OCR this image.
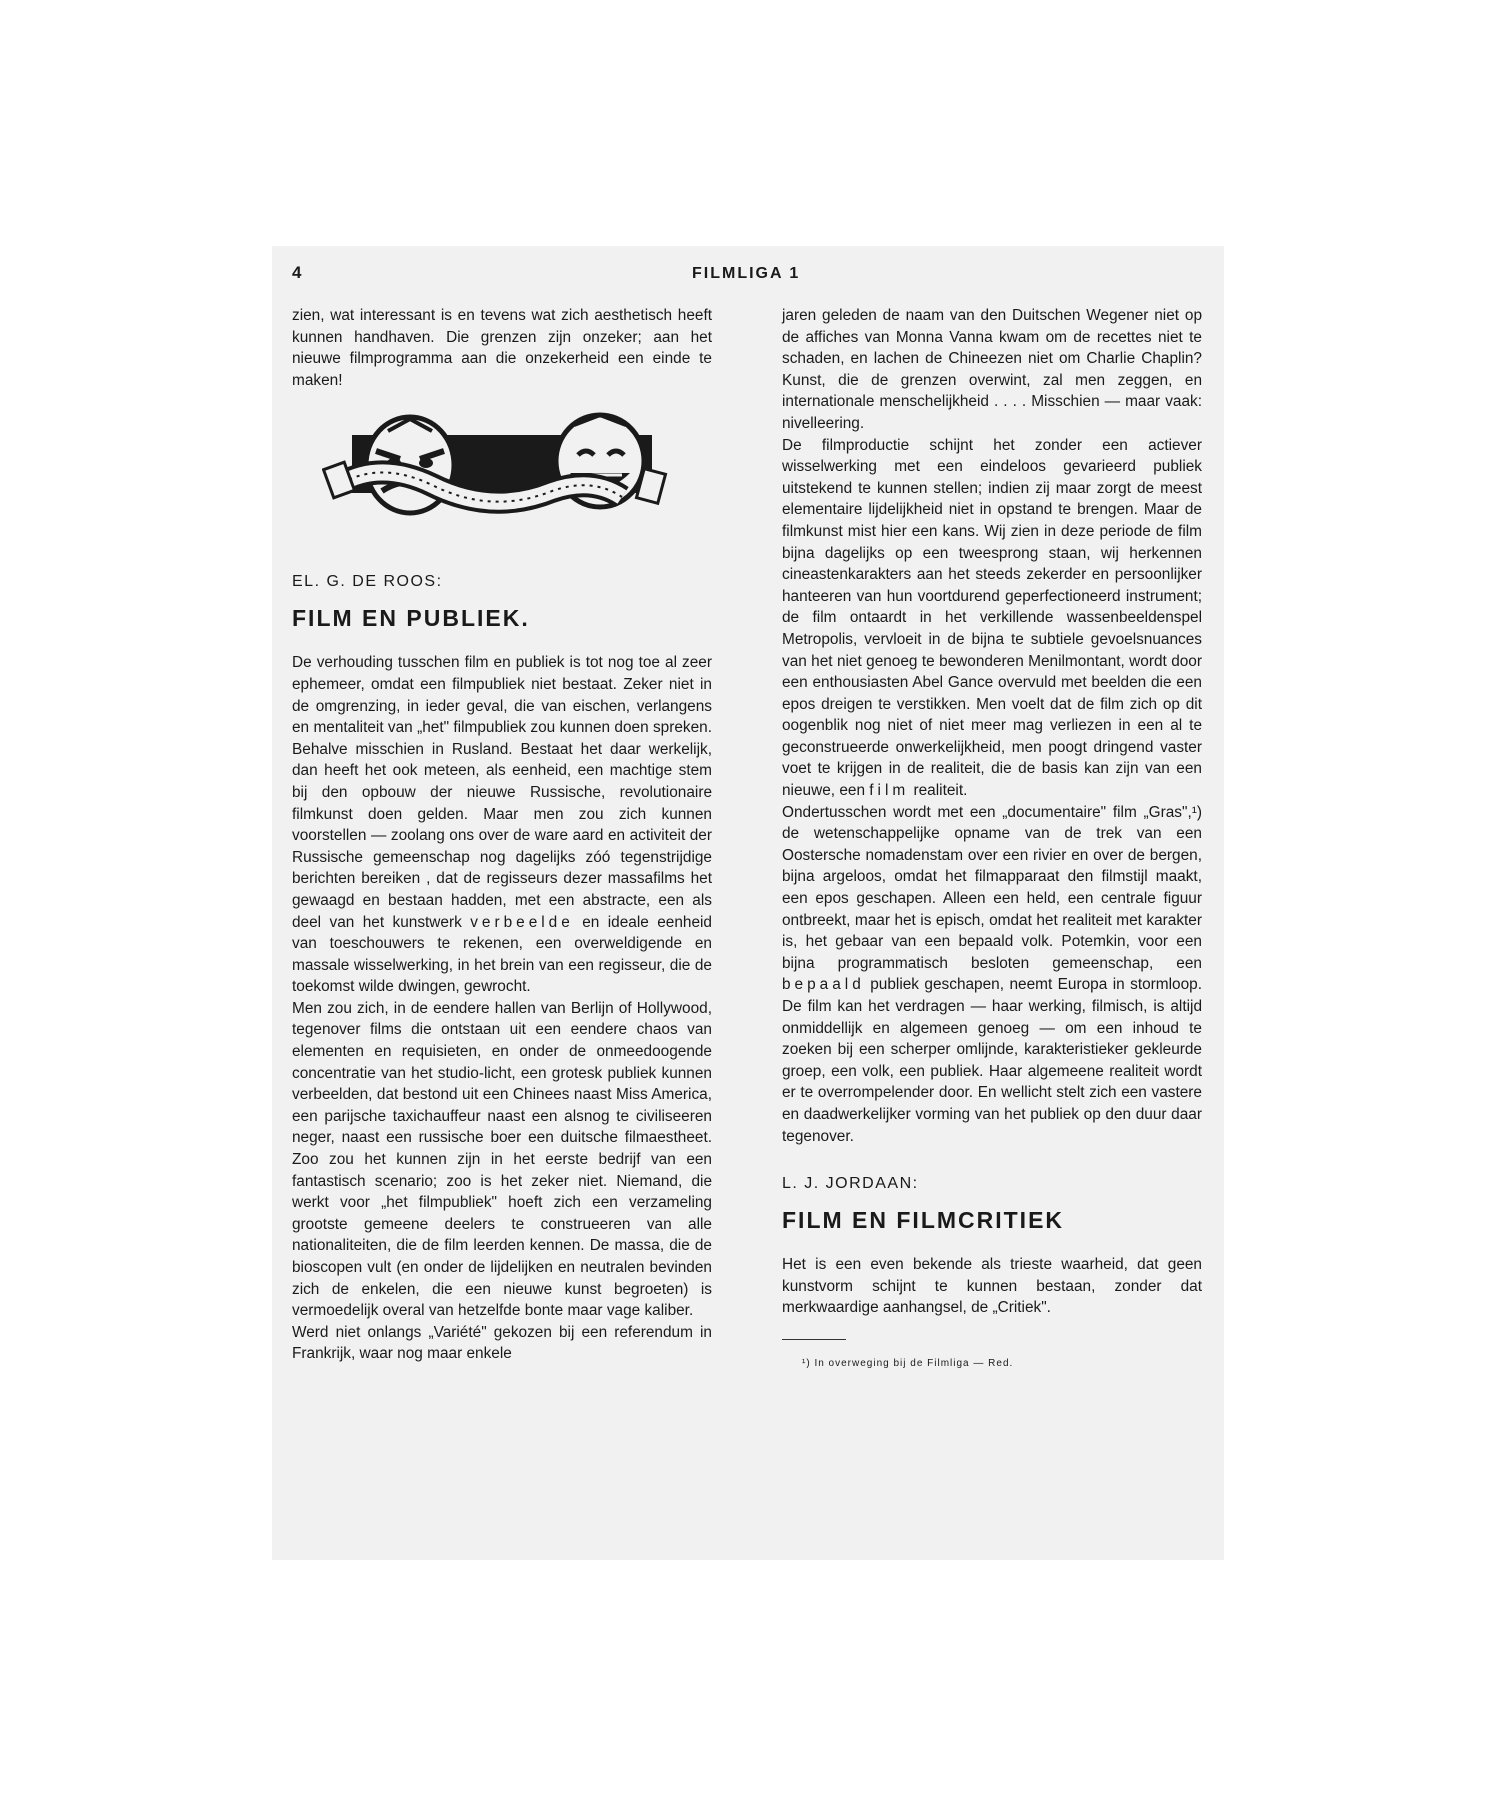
4	FILMLIGA 1

zien, wat interessant is en tevens wat zich aesthetisch heeft kunnen handhaven. Die grenzen zijn onzeker; aan het nieuwe filmprogramma aan die onzekerheid een einde te maken!

EL. G. DE ROOS:

FILM EN PUBLIEK.

De verhouding tusschen film en publiek is tot nog toe al zeer ephemeer, omdat een filmpubliek niet bestaat. Zeker niet in de omgrenzing, in ieder geval, die van eischen, verlangens en mentaliteit van „het" filmpubliek zou kunnen doen spreken. Behalve misschien in Rusland. Bestaat het daar werkelijk, dan heeft het ook meteen, als eenheid, een machtige stem bij den opbouw der nieuwe Russische, revolutionaire filmkunst doen gelden. Maar men zou zich kunnen voorstellen — zoolang ons over de ware aard en activiteit der Russische gemeenschap nog dagelijks zóó tegenstrijdige berichten bereiken , dat de regisseurs dezer massafilms het gewaagd en bestaan hadden, met een abstracte, een als deel van het kunstwerk verbeelde en ideale eenheid van toeschouwers te rekenen, een overweldigende en massale wisselwerking, in het brein van een regisseur, die de toekomst wilde dwingen, gewrocht.

Men zou zich, in de eendere hallen van Berlijn of Hollywood, tegenover films die ontstaan uit een eendere chaos van elementen en requisieten, en onder de onmeedoogende concentratie van het studio-licht, een grotesk publiek kunnen verbeelden, dat bestond uit een Chinees naast Miss America, een parijsche taxichauffeur naast een alsnog te civiliseeren neger, naast een russische boer een duitsche filmaestheet. Zoo zou het kunnen zijn in het eerste bedrijf van een fantastisch scenario; zoo is het zeker niet. Niemand, die werkt voor „het filmpubliek" hoeft zich een verzameling grootste gemeene deelers te construeeren van alle nationaliteiten, die de film leerden kennen. De massa, die de bioscopen vult (en onder de lijdelijken en neutralen bevinden zich de enkelen, die een nieuwe kunst begroeten) is vermoedelijk overal van hetzelfde bonte maar vage kaliber.

Werd niet onlangs „Variété" gekozen bij een referendum in Frankrijk, waar nog maar enkele

jaren geleden de naam van den Duitschen Wegener niet op de affiches van Monna Vanna kwam om de recettes niet te schaden, en lachen de Chineezen niet om Charlie Chaplin? Kunst, die de grenzen overwint, zal men zeggen, en internationale menschelijkheid . . . . Misschien — maar vaak: nivelleering.

De filmproductie schijnt het zonder een actiever wisselwerking met een eindeloos gevarieerd publiek uitstekend te kunnen stellen; indien zij maar zorgt de meest elementaire lijdelijkheid niet in opstand te brengen. Maar de filmkunst mist hier een kans. Wij zien in deze periode de film bijna dagelijks op een tweesprong staan, wij herkennen cineastenkarakters aan het steeds zekerder en persoonlijker hanteeren van hun voortdurend geperfectioneerd instrument; de film ontaardt in het verkillende wassenbeeldenspel Metropolis, vervloeit in de bijna te subtiele gevoelsnuances van het niet genoeg te bewonderen Menilmontant, wordt door een enthousiasten Abel Gance overvuld met beelden die een epos dreigen te verstikken. Men voelt dat de film zich op dit oogenblik nog niet of niet meer mag verliezen in een al te geconstrueerde onwerkelijkheid, men poogt dringend vaster voet te krijgen in de realiteit, die de basis kan zijn van een nieuwe, een film realiteit.

Ondertusschen wordt met een „documentaire" film „Gras",¹) de wetenschappelijke opname van de trek van een Oostersche nomadenstam over een rivier en over de bergen, bijna argeloos, omdat het filmapparaat den filmstijl maakt, een epos geschapen. Alleen een held, een centrale figuur ontbreekt, maar het is episch, omdat het realiteit met karakter is, het gebaar van een bepaald volk. Potemkin, voor een bijna programmatisch besloten gemeenschap, een bepaald publiek geschapen, neemt Europa in stormloop. De film kan het verdragen — haar werking, filmisch, is altijd onmiddellijk en algemeen genoeg — om een inhoud te zoeken bij een scherper omlijnde, karakteristieker gekleurde groep, een volk, een publiek. Haar algemeene realiteit wordt er te overrompelender door. En wellicht stelt zich een vastere en daadwerkelijker vorming van het publiek op den duur daar tegenover.

L. J. JORDAAN:

FILM EN FILMCRITIEK

Het is een even bekende als trieste waarheid, dat geen kunstvorm schijnt te kunnen bestaan, zonder dat merkwaardige aanhangsel, de „Critiek".

¹) In overweging bij de Filmliga — Red.
